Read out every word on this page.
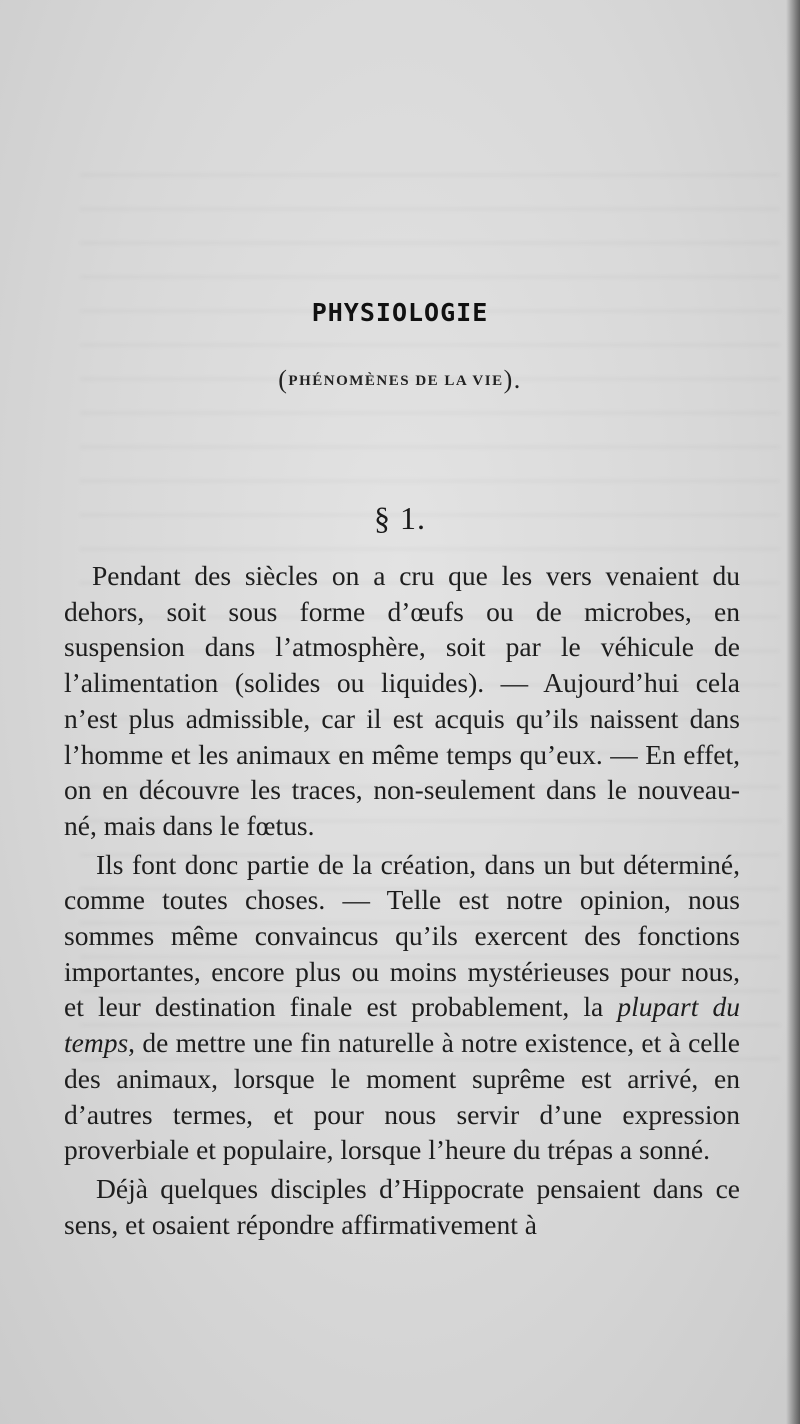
PHYSIOLOGIE
(PHÉNOMÈNES DE LA VIE).
§ 1.

Pendant des siècles on a cru que les vers venaient du dehors, soit sous forme d’œufs ou de microbes, en suspension dans l’atmosphère, soit par le véhicule de l’alimentation (solides ou liquides). — Aujourd’hui cela n’est plus admissible, car il est acquis qu’ils naissent dans l’homme et les animaux en même temps qu’eux. — En effet, on en découvre les traces, non-seulement dans le nouveau-né, mais dans le fœtus.

Ils font donc partie de la création, dans un but déterminé, comme toutes choses. — Telle est notre opinion, nous sommes même convaincus qu’ils exercent des fonctions importantes, encore plus ou moins mystérieuses pour nous, et leur destination finale est probablement, la plupart du temps, de mettre une fin naturelle à notre existence, et à celle des animaux, lorsque le moment suprême est arrivé, en d’autres termes, et pour nous servir d’une expression proverbiale et populaire, lorsque l’heure du trépas a sonné.

Déjà quelques disciples d’Hippocrate pensaient dans ce sens, et osaient répondre affirmativement à
